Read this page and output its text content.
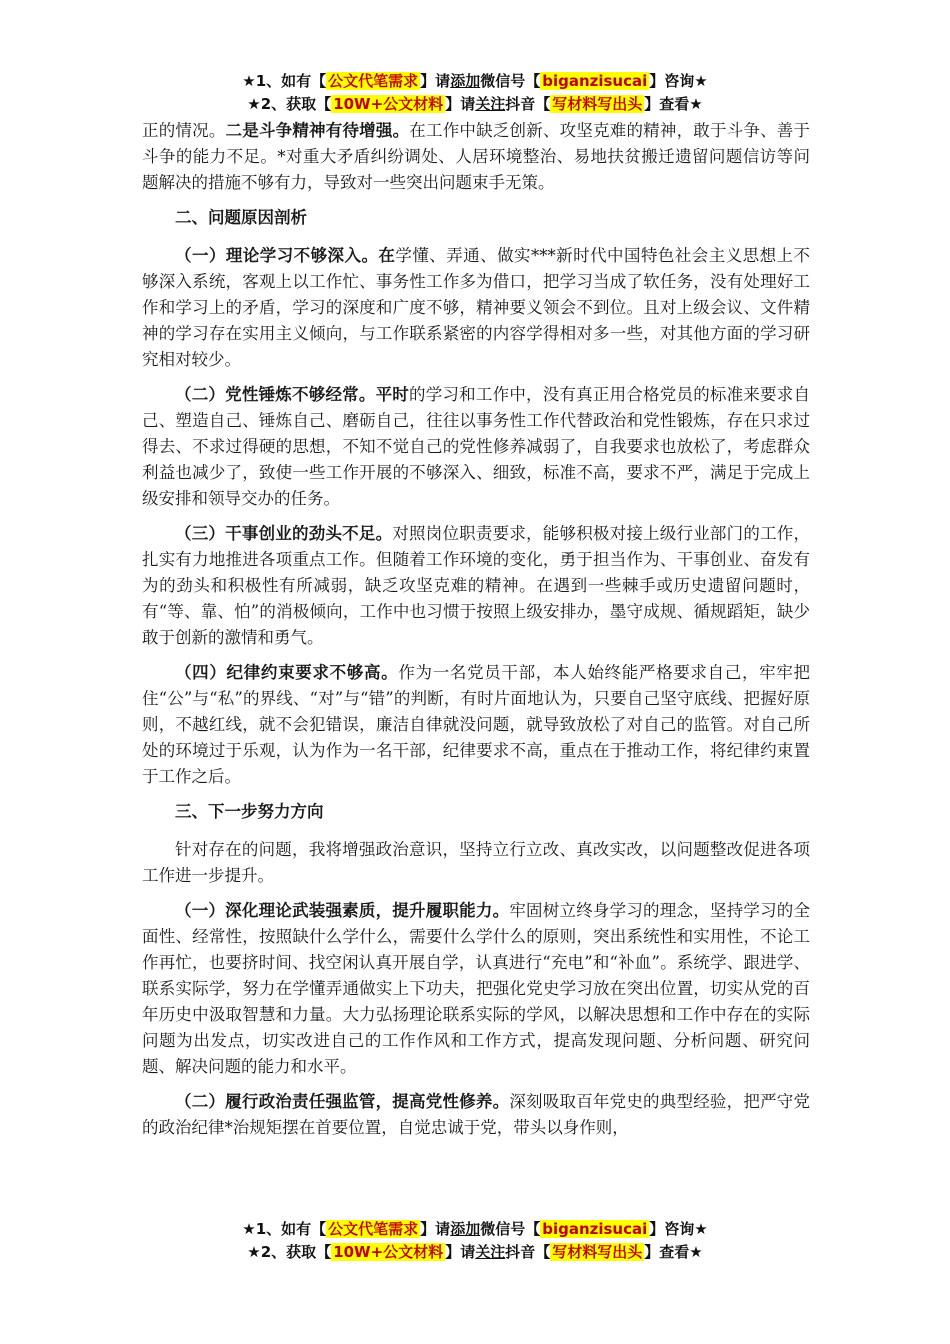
★1、如有【 公文代笔需求 】请添加微信号【 biganzisucai 】咨询★
★2、获取【 10W+公文材料 】请关注抖音【 写材料写出头 】查看★

正的情况。二是斗争精神有待增强。在工作中缺乏创新、攻坚克难的精神，敢于斗争、善于斗争的能力不足。*对重大矛盾纠纷调处、人居环境整治、易地扶贫搬迁遗留问题信访等问题解决的措施不够有力，导致对一些突出问题束手无策。

二、问题原因剖析

（一）理论学习不够深入。在学懂、弄通、做实***新时代中国特色社会主义思想上不够深入系统，客观上以工作忙、事务性工作多为借口，把学习当成了软任务，没有处理好工作和学习上的矛盾，学习的深度和广度不够，精神要义领会不到位。且对上级会议、文件精神的学习存在实用主义倾向，与工作联系紧密的内容学得相对多一些，对其他方面的学习研究相对较少。

（二）党性锤炼不够经常。平时的学习和工作中，没有真正用合格党员的标准来要求自己、塑造自己、锤炼自己、磨砺自己，往往以事务性工作代替政治和党性锻炼，存在只求过得去、不求过得硬的思想，不知不觉自己的党性修养减弱了，自我要求也放松了，考虑群众利益也减少了，致使一些工作开展的不够深入、细致，标准不高，要求不严，满足于完成上级安排和领导交办的任务。

（三）干事创业的劲头不足。对照岗位职责要求，能够积极对接上级行业部门的工作，扎实有力地推进各项重点工作。但随着工作环境的变化，勇于担当作为、干事创业、奋发有为的劲头和积极性有所减弱，缺乏攻坚克难的精神。在遇到一些棘手或历史遗留问题时，有“等、靠、怕”的消极倾向，工作中也习惯于按照上级安排办，墨守成规、循规蹈矩，缺少敢于创新的激情和勇气。

（四）纪律约束要求不够高。作为一名党员干部，本人始终能严格要求自己，牢牢把住“公”与“私”的界线、“对”与“错”的判断，有时片面地认为，只要自己坚守底线、把握好原则，不越红线，就不会犯错误，廉洁自律就没问题，就导致放松了对自己的监管。对自己所处的环境过于乐观，认为作为一名干部，纪律要求不高，重点在于推动工作，将纪律约束置于工作之后。

三、下一步努力方向

针对存在的问题，我将增强政治意识，坚持立行立改、真改实改，以问题整改促进各项工作进一步提升。

（一）深化理论武装强素质，提升履职能力。牢固树立终身学习的理念，坚持学习的全面性、经常性，按照缺什么学什么，需要什么学什么的原则，突出系统性和实用性，不论工作再忙，也要挤时间、找空闲认真开展自学，认真进行“充电”和“补血”。系统学、跟进学、联系实际学，努力在学懂弄通做实上下功夫，把强化党史学习放在突出位置，切实从党的百年历史中汲取智慧和力量。大力弘扬理论联系实际的学风，以解决思想和工作中存在的实际问题为出发点，切实改进自己的工作作风和工作方式，提高发现问题、分析问题、研究问题、解决问题的能力和水平。

（二）履行政治责任强监管，提高党性修养。深刻吸取百年党史的典型经验，把严守党的政治纪律*治规矩摆在首要位置，自觉忠诚于党，带头以身作则，

★1、如有【 公文代笔需求 】请添加微信号【 biganzisucai 】咨询★
★2、获取【 10W+公文材料 】请关注抖音【 写材料写出头 】查看★
